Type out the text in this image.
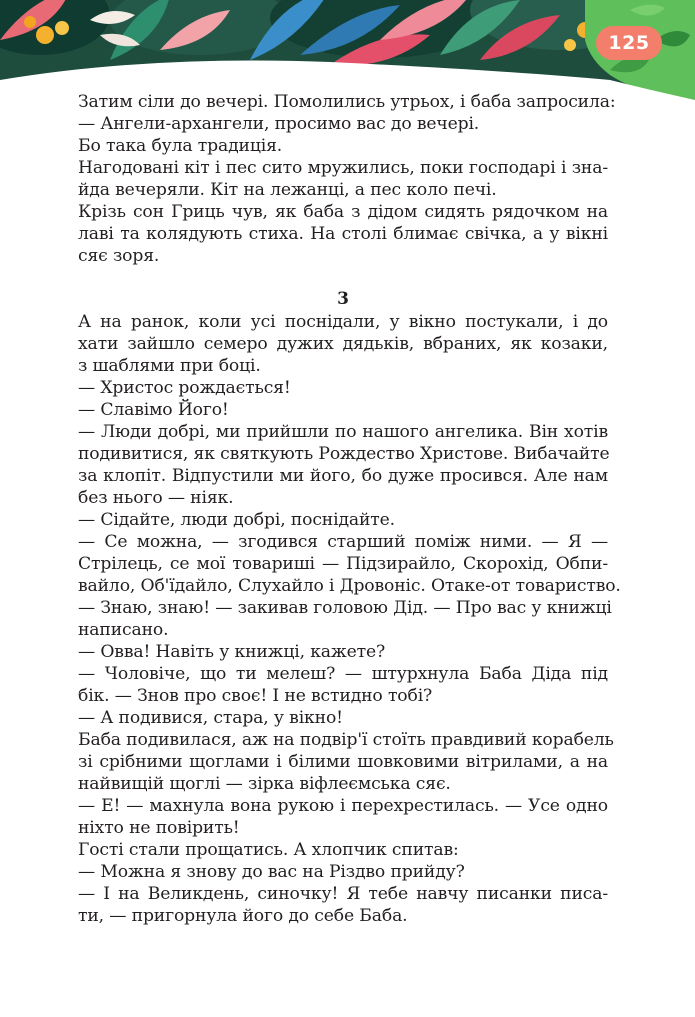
125
Затим сіли до вечері. Помолились утрьох, і баба запросила:
— Ангели-архангели, просимо вас до вечері.
Бо така була традиція.
Нагодовані кіт і пес сито мружились, поки господарі і зна-
йда вечеряли. Кіт на лежанці, а пес коло печі.
Крізь сон Гриць чув, як баба з дідом сидять рядочком на
лаві та колядують стиха. На столі блимає свічка, а у вікні
сяє зоря.
3
А на ранок, коли усі поснідали, у вікно постукали, і до
хати зайшло семеро дужих дядьків, вбраних, як козаки,
з шаблями при боці.
— Христос рождається!
— Славімо Його!
— Люди добрі, ми прийшли по нашого ангелика. Він хотів
подивитися, як святкують Рождество Христове. Вибачайте
за клопіт. Відпустили ми його, бо дуже просився. Але нам
без нього — ніяк.
— Сідайте, люди добрі, поснідайте.
— Се можна, — згодився старший поміж ними. — Я —
Стрілець, се мої товариші — Підзирайло, Скорохід, Обпи-
вайло, Об'їдайло, Слухайло і Дровоніс. Отаке-от товариство.
— Знаю, знаю! — закивав головою Дід. — Про вас у книжці
написано.
— Овва! Навіть у книжці, кажете?
— Чоловіче, що ти мелеш? — штурхнула Баба Діда під
бік. — Знов про своє! І не встидно тобі?
— А подивися, стара, у вікно!
Баба подивилася, аж на подвір'ї стоїть правдивий корабель
зі срібними щоглами і білими шовковими вітрилами, а на
найвищій щоглі — зірка віфлеємська сяє.
— Е! — махнула вона рукою і перехрестилась. — Усе одно
ніхто не повірить!
Гості стали прощатись. А хлопчик спитав:
— Можна я знову до вас на Різдво прийду?
— І на Великдень, синочку! Я тебе навчу писанки писа-
ти, — пригорнула його до себе Баба.
